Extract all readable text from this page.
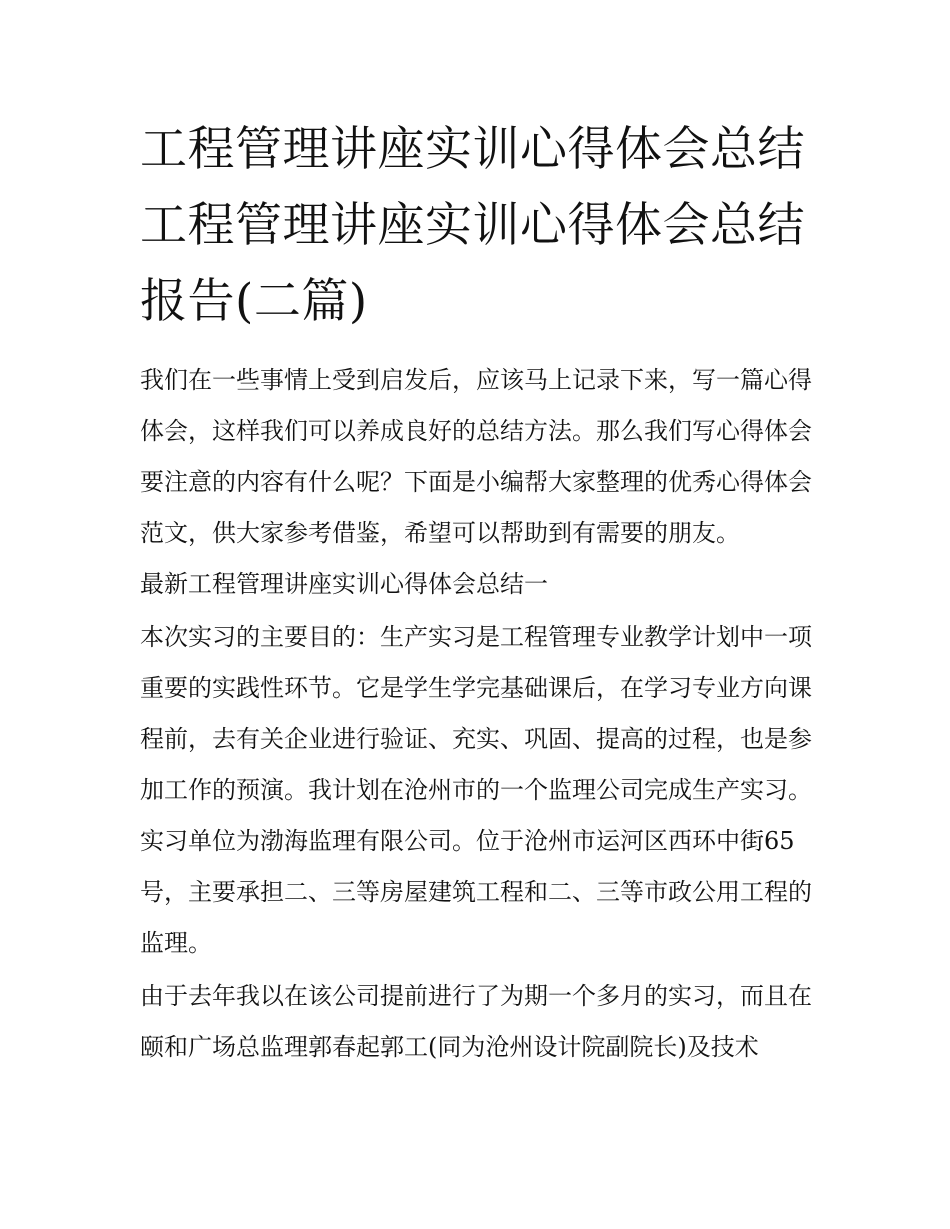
工程管理讲座实训心得体会总结 工程管理讲座实训心得体会总结报告(二篇)

我们在一些事情上受到启发后，应该马上记录下来，写一篇心得体会，这样我们可以养成良好的总结方法。那么我们写心得体会要注意的内容有什么呢？下面是小编帮大家整理的优秀心得体会范文，供大家参考借鉴，希望可以帮助到有需要的朋友。

最新工程管理讲座实训心得体会总结一

本次实习的主要目的：生产实习是工程管理专业教学计划中一项重要的实践性环节。它是学生学完基础课后，在学习专业方向课程前，去有关企业进行验证、充实、巩固、提高的过程，也是参加工作的预演。我计划在沧州市的一个监理公司完成生产实习。实习单位为渤海监理有限公司。位于沧州市运河区西环中街65号，主要承担二、三等房屋建筑工程和二、三等市政公用工程的监理。

由于去年我以在该公司提前进行了为期一个多月的实习，而且在颐和广场总监理郭春起郭工(同为沧州设计院副院长)及技术
